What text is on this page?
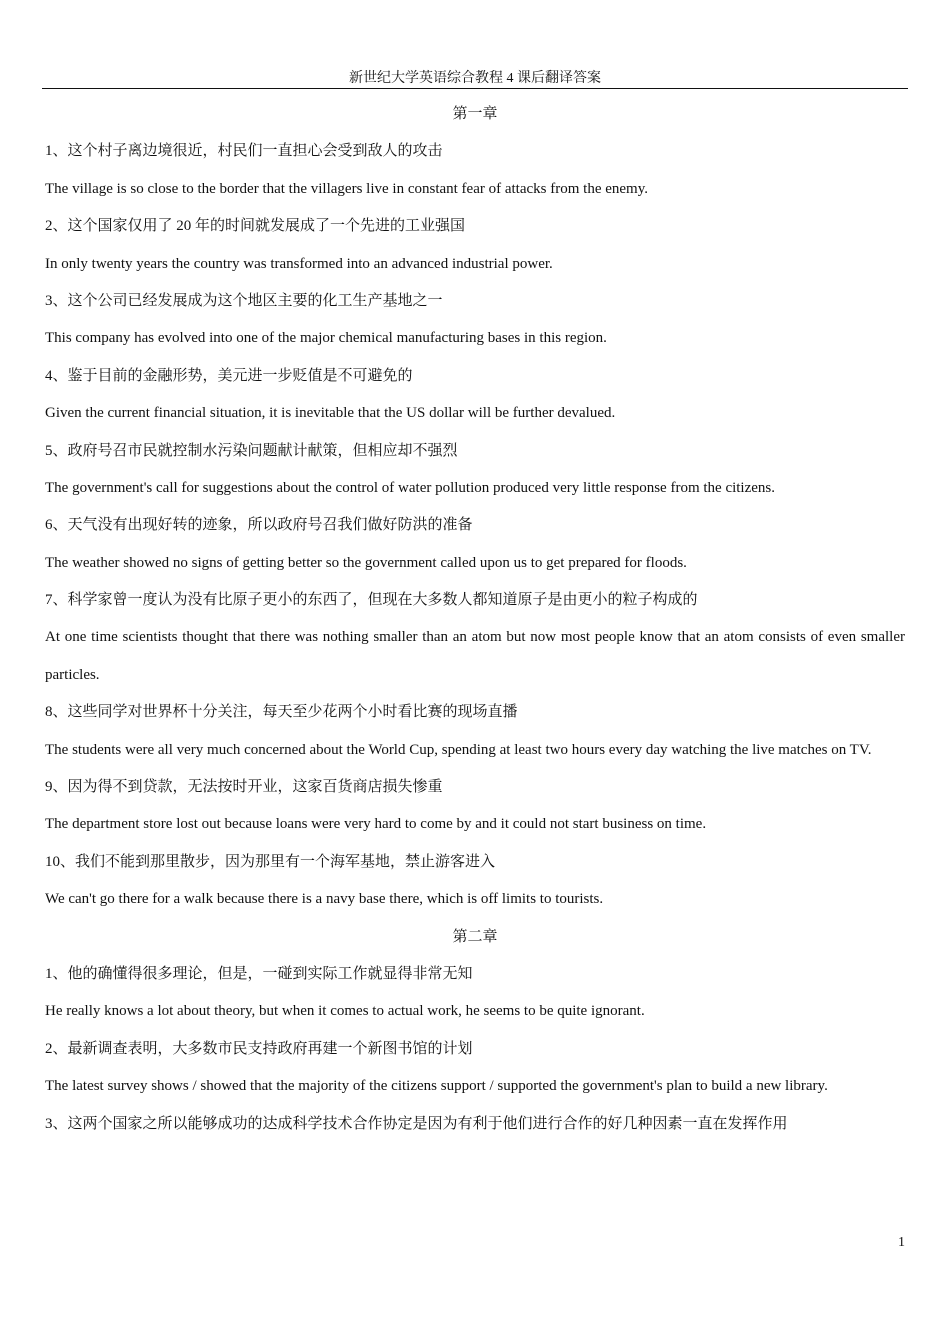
新世纪大学英语综合教程 4 课后翻译答案
第一章
1、这个村子离边境很近，村民们一直担心会受到敌人的攻击
The village is so close to the border that the villagers live in constant fear of attacks from the enemy.
2、这个国家仅用了 20 年的时间就发展成了一个先进的工业强国
In only twenty years the country was transformed into an advanced industrial power.
3、这个公司已经发展成为这个地区主要的化工生产基地之一
This company has evolved into one of the major chemical manufacturing bases in this region.
4、鉴于目前的金融形势，美元进一步贬值是不可避免的
Given the current financial situation, it is inevitable that the US dollar will be further devalued.
5、政府号召市民就控制水污染问题献计献策，但相应却不强烈
The government's call for suggestions about the control of water pollution produced very little response from the citizens.
6、天气没有出现好转的迹象，所以政府号召我们做好防洪的准备
The weather showed no signs of getting better so the government called upon us to get prepared for floods.
7、科学家曾一度认为没有比原子更小的东西了，但现在大多数人都知道原子是由更小的粒子构成的
At one time scientists thought that there was nothing smaller than an atom but now most people know that an atom consists of even smaller particles.
8、这些同学对世界杯十分关注，每天至少花两个小时看比赛的现场直播
The students were all very much concerned about the World Cup, spending at least two hours every day watching the live matches on TV.
9、因为得不到贷款，无法按时开业，这家百货商店损失惨重
The department store lost out because loans were very hard to come by and it could not start business on time.
10、我们不能到那里散步，因为那里有一个海军基地，禁止游客进入
We can't go there for a walk because there is a navy base there, which is off limits to tourists.
第二章
1、他的确懂得很多理论，但是，一碰到实际工作就显得非常无知
He really knows a lot about theory, but when it comes to actual work, he seems to be quite ignorant.
2、最新调查表明，大多数市民支持政府再建一个新图书馆的计划
The latest survey shows / showed that the majority of the citizens support / supported the government's plan to build a new library.
3、这两个国家之所以能够成功的达成科学技术合作协定是因为有利于他们进行合作的好几种因素一直在发挥作用
1
